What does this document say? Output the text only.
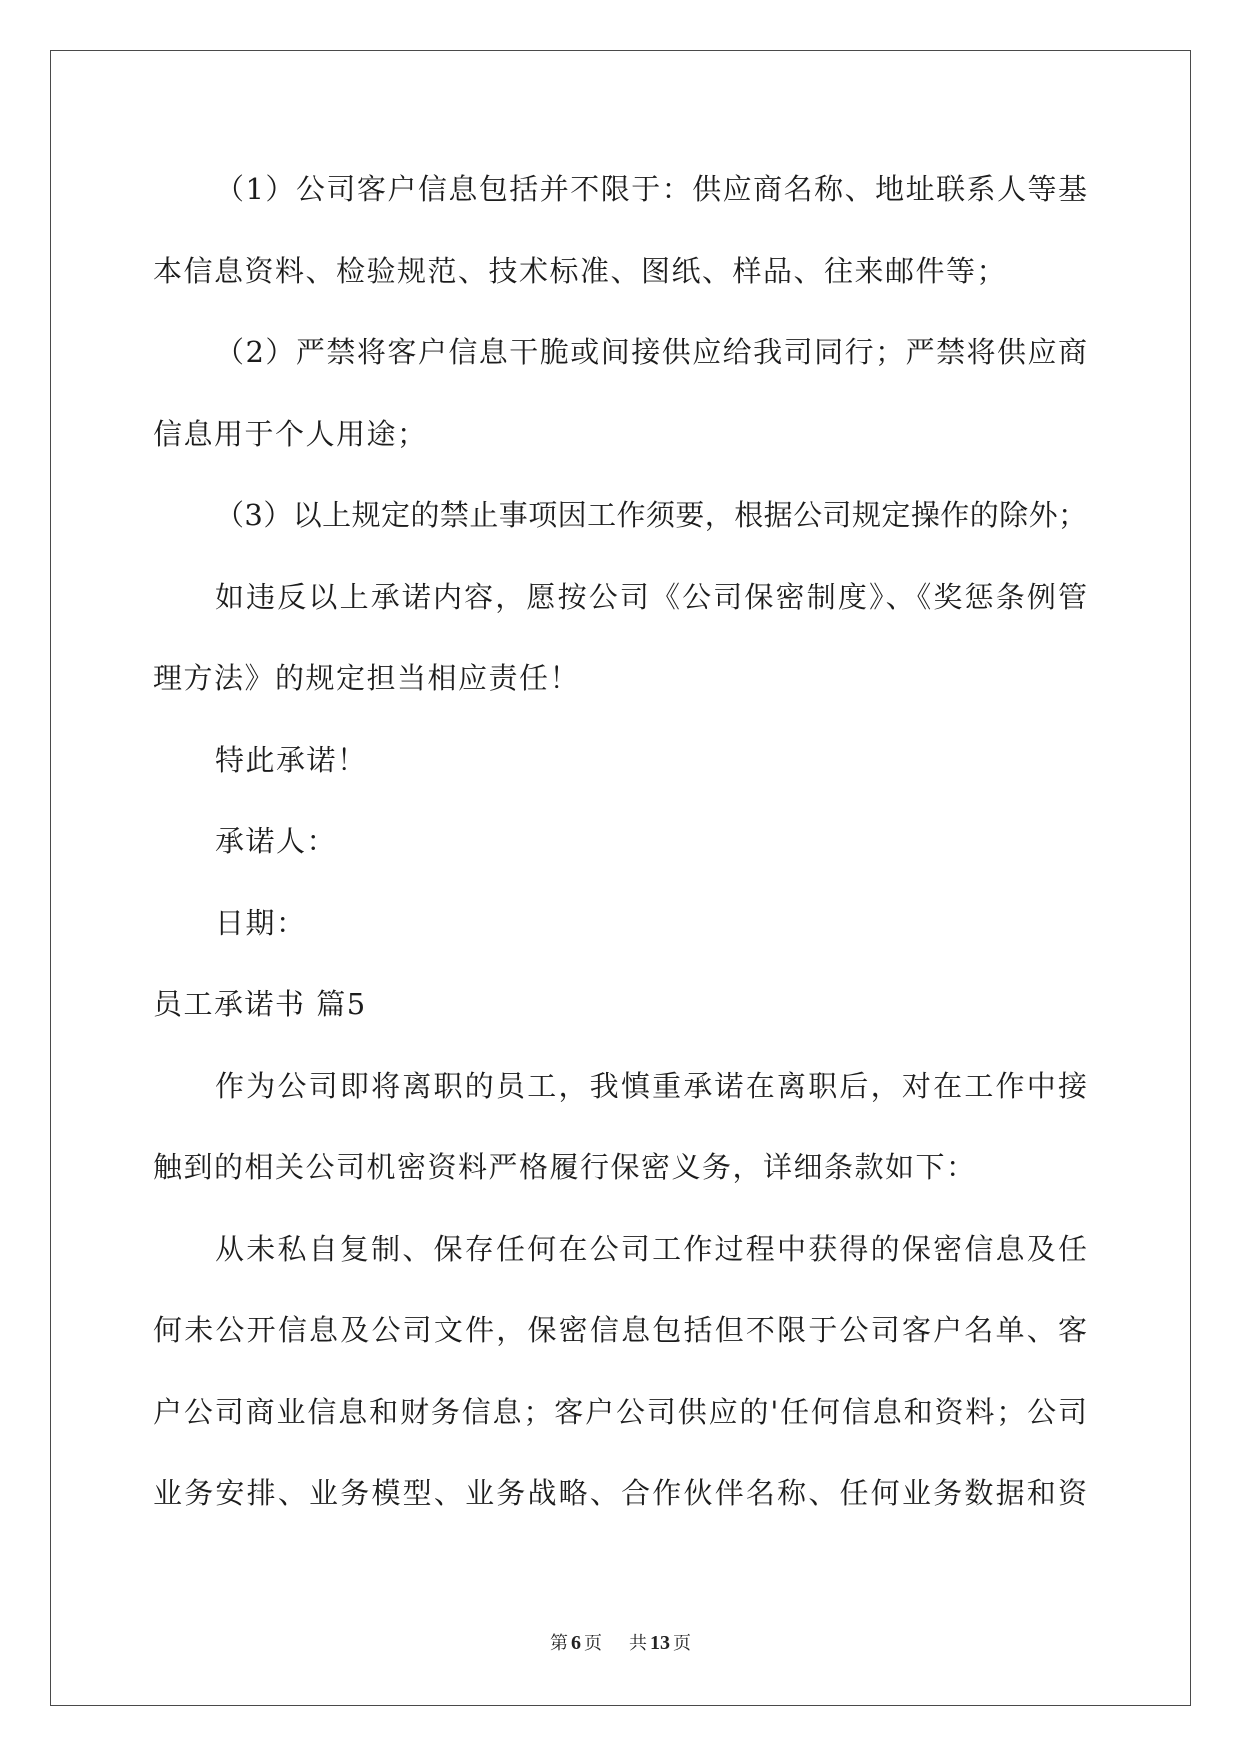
（1）公司客户信息包括并不限于：供应商名称、地址联系人等基
本信息资料、检验规范、技术标准、图纸、样品、往来邮件等；
（2）严禁将客户信息干脆或间接供应给我司同行；严禁将供应商
信息用于个人用途；
（3）以上规定的禁止事项因工作须要，根据公司规定操作的除外；
如违反以上承诺内容，愿按公司《公司保密制度》、《奖惩条例管
理方法》的规定担当相应责任！
特此承诺！
承诺人：
日期：
员工承诺书 篇5
作为公司即将离职的员工，我慎重承诺在离职后，对在工作中接
触到的相关公司机密资料严格履行保密义务，详细条款如下：
从未私自复制、保存任何在公司工作过程中获得的保密信息及任
何未公开信息及公司文件，保密信息包括但不限于公司客户名单、客
户公司商业信息和财务信息；客户公司供应的'任何信息和资料；公司
业务安排、业务模型、业务战略、合作伙伴名称、任何业务数据和资
第 6 页 共 13 页
